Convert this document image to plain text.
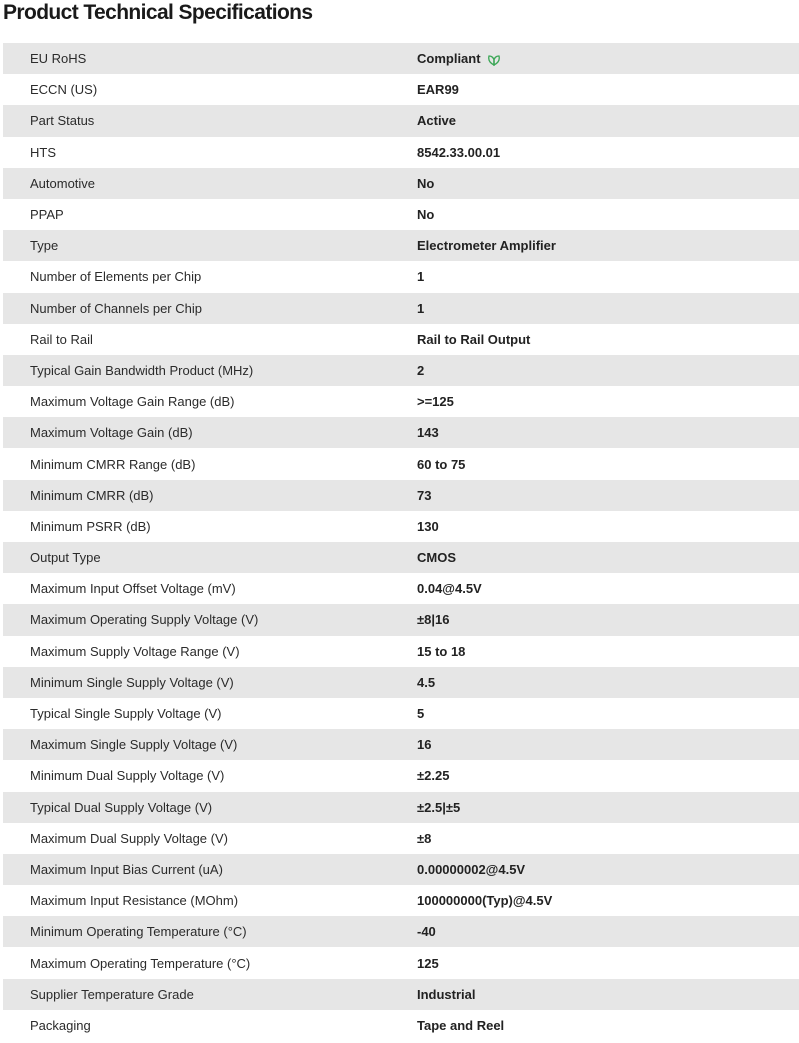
Product Technical Specifications
EU RoHS	Compliant
ECCN (US)	EAR99
Part Status	Active
HTS	8542.33.00.01
Automotive	No
PPAP	No
Type	Electrometer Amplifier
Number of Elements per Chip	1
Number of Channels per Chip	1
Rail to Rail	Rail to Rail Output
Typical Gain Bandwidth Product (MHz)	2
Maximum Voltage Gain Range (dB)	>=125
Maximum Voltage Gain (dB)	143
Minimum CMRR Range (dB)	60 to 75
Minimum CMRR (dB)	73
Minimum PSRR (dB)	130
Output Type	CMOS
Maximum Input Offset Voltage (mV)	0.04@4.5V
Maximum Operating Supply Voltage (V)	±8|16
Maximum Supply Voltage Range (V)	15 to 18
Minimum Single Supply Voltage (V)	4.5
Typical Single Supply Voltage (V)	5
Maximum Single Supply Voltage (V)	16
Minimum Dual Supply Voltage (V)	±2.25
Typical Dual Supply Voltage (V)	±2.5|±5
Maximum Dual Supply Voltage (V)	±8
Maximum Input Bias Current (uA)	0.00000002@4.5V
Maximum Input Resistance (MOhm)	100000000(Typ)@4.5V
Minimum Operating Temperature (°C)	-40
Maximum Operating Temperature (°C)	125
Supplier Temperature Grade	Industrial
Packaging	Tape and Reel
